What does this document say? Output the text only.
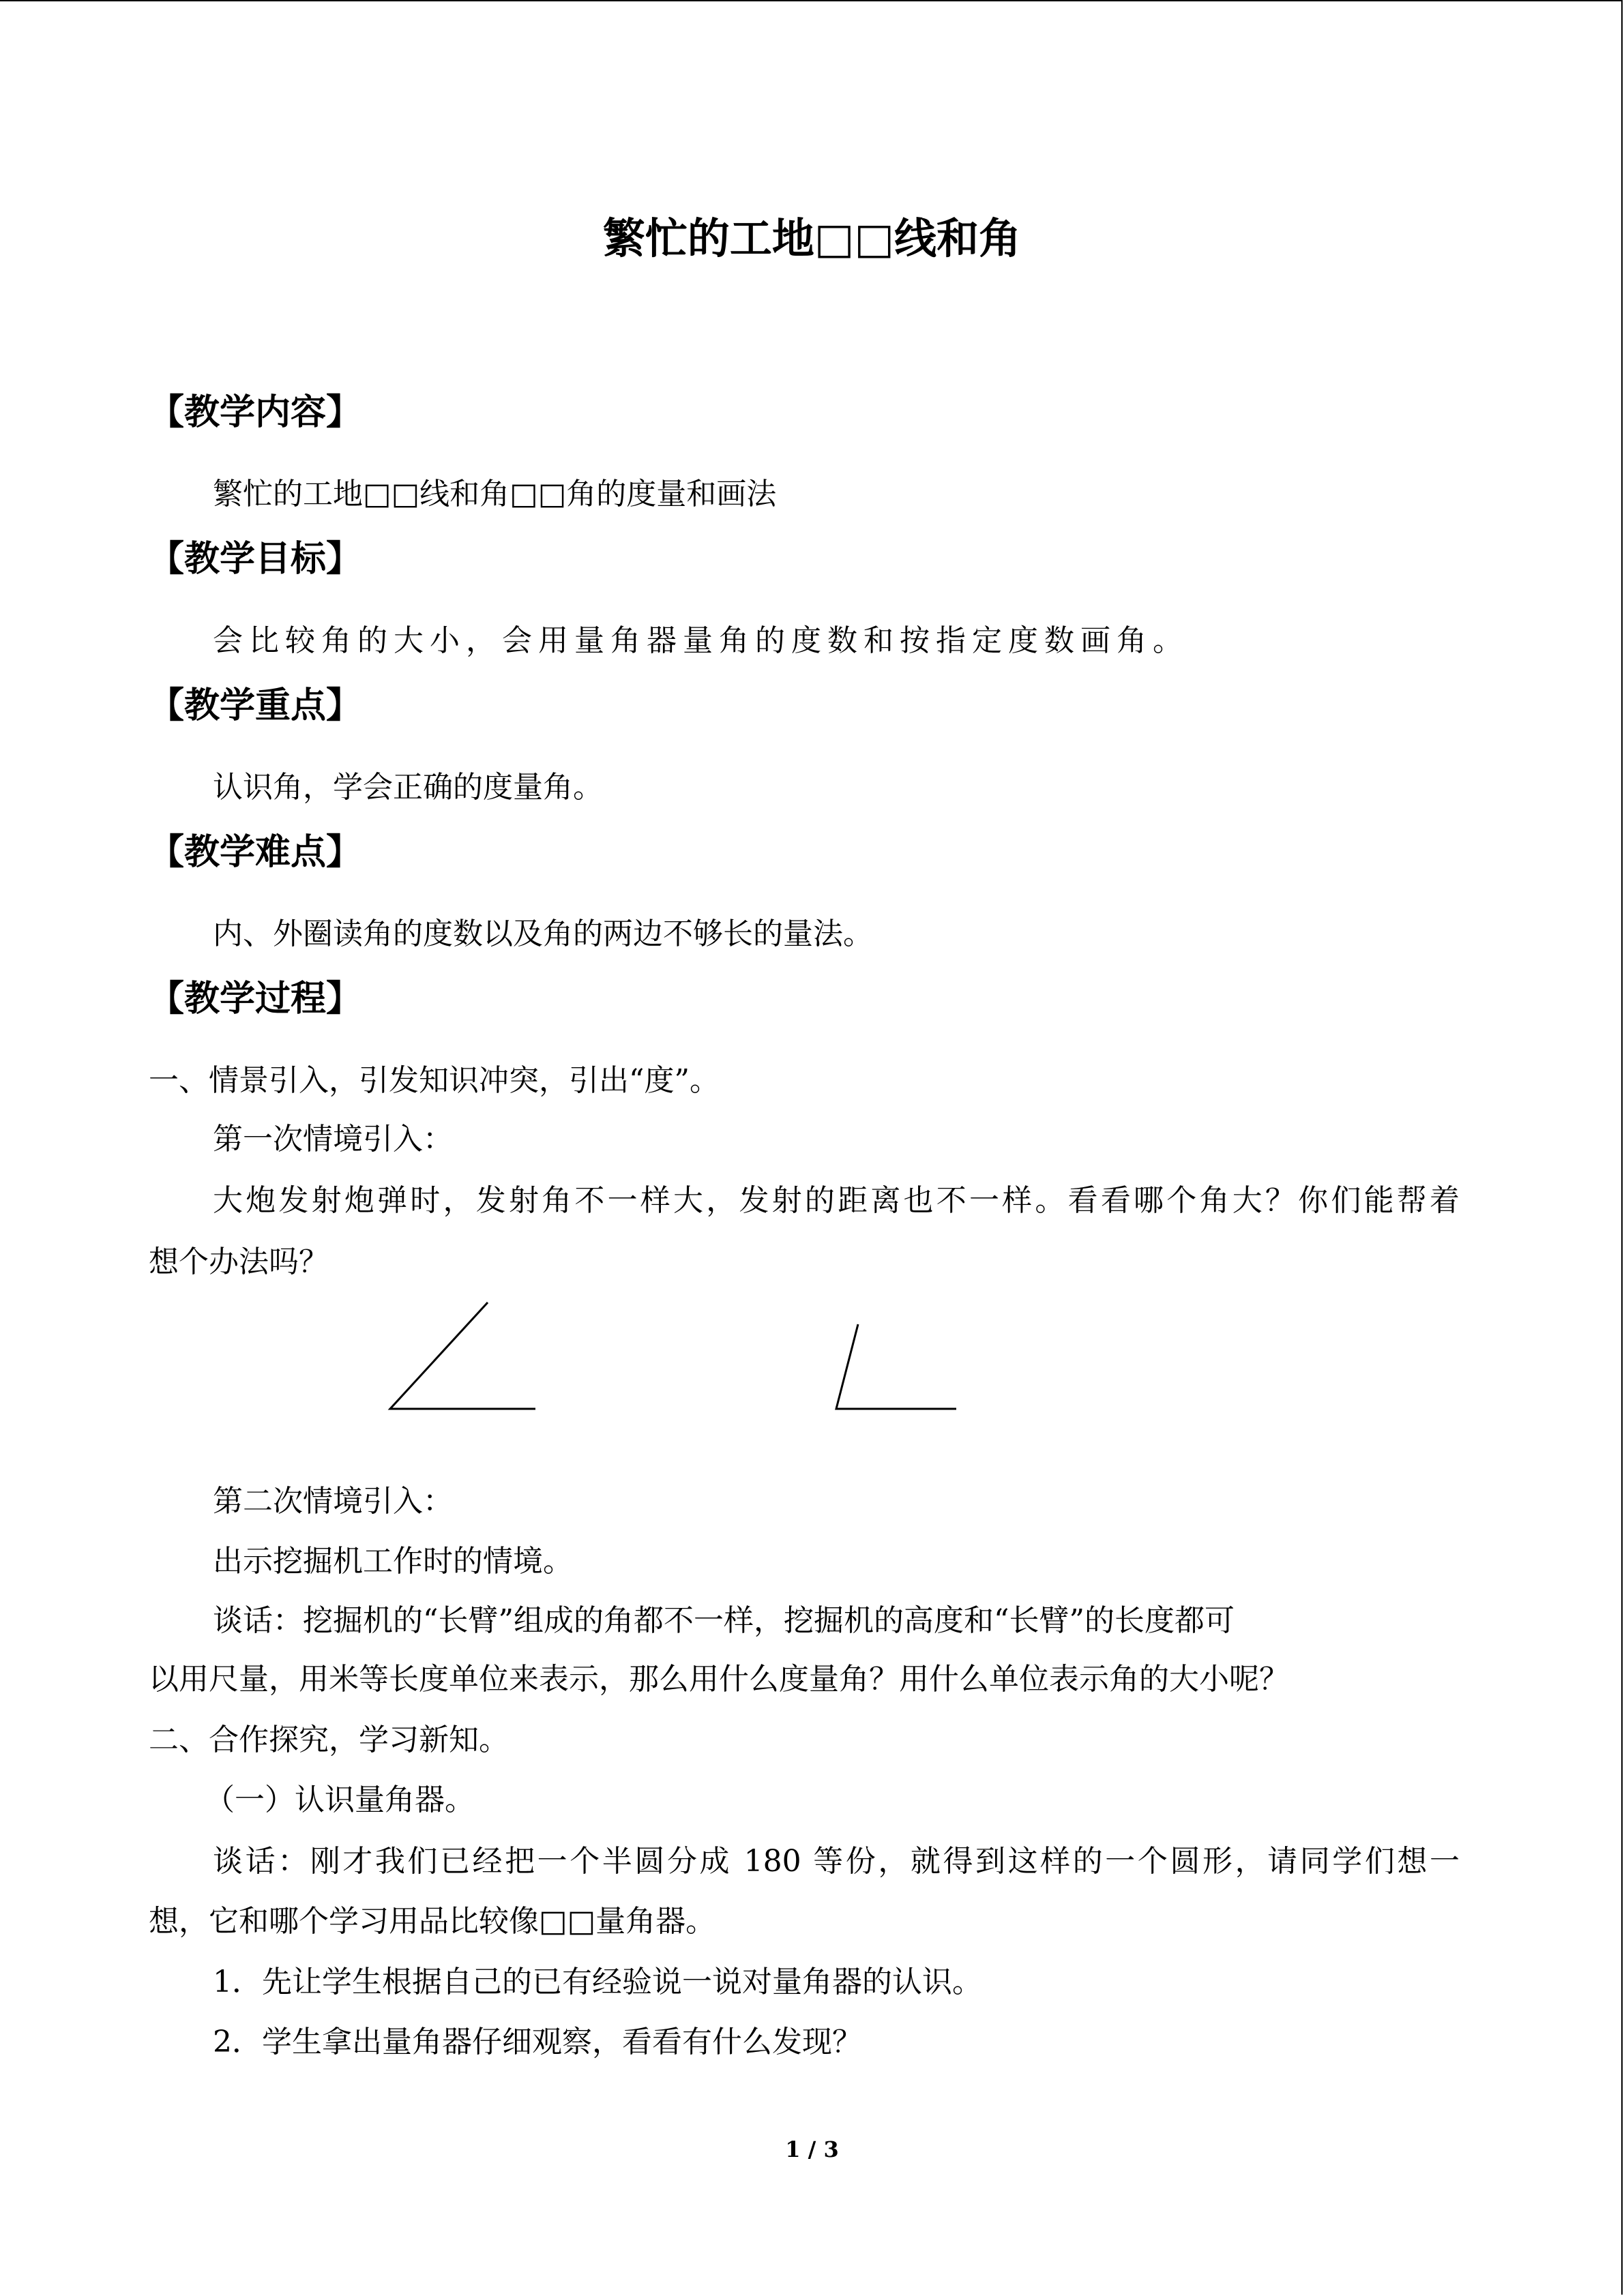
繁忙的工地□□线和角
【教学内容】
繁忙的工地□□线和角□□角的度量和画法
【教学目标】
会比较角的大小，会用量角器量角的度数和按指定度数画角。
【教学重点】
认识角，学会正确的度量角。
【教学难点】
内、外圈读角的度数以及角的两边不够长的量法。
【教学过程】
一、情景引入，引发知识冲突，引出“度”。
第一次情境引入：
大炮发射炮弹时，发射角不一样大，发射的距离也不一样。看看哪个角大？你们能帮着
想个办法吗？
第二次情境引入：
出示挖掘机工作时的情境。
谈话：挖掘机的“长臂”组成的角都不一样，挖掘机的高度和“长臂”的长度都可
以用尺量，用米等长度单位来表示，那么用什么度量角？用什么单位表示角的大小呢？
二、合作探究，学习新知。
（一）认识量角器。
谈话：刚才我们已经把一个半圆分成 180 等份，就得到这样的一个圆形，请同学们想一
想，它和哪个学习用品比较像□□量角器。
1．先让学生根据自己的已有经验说一说对量角器的认识。
2．学生拿出量角器仔细观察，看看有什么发现？
1 / 3
